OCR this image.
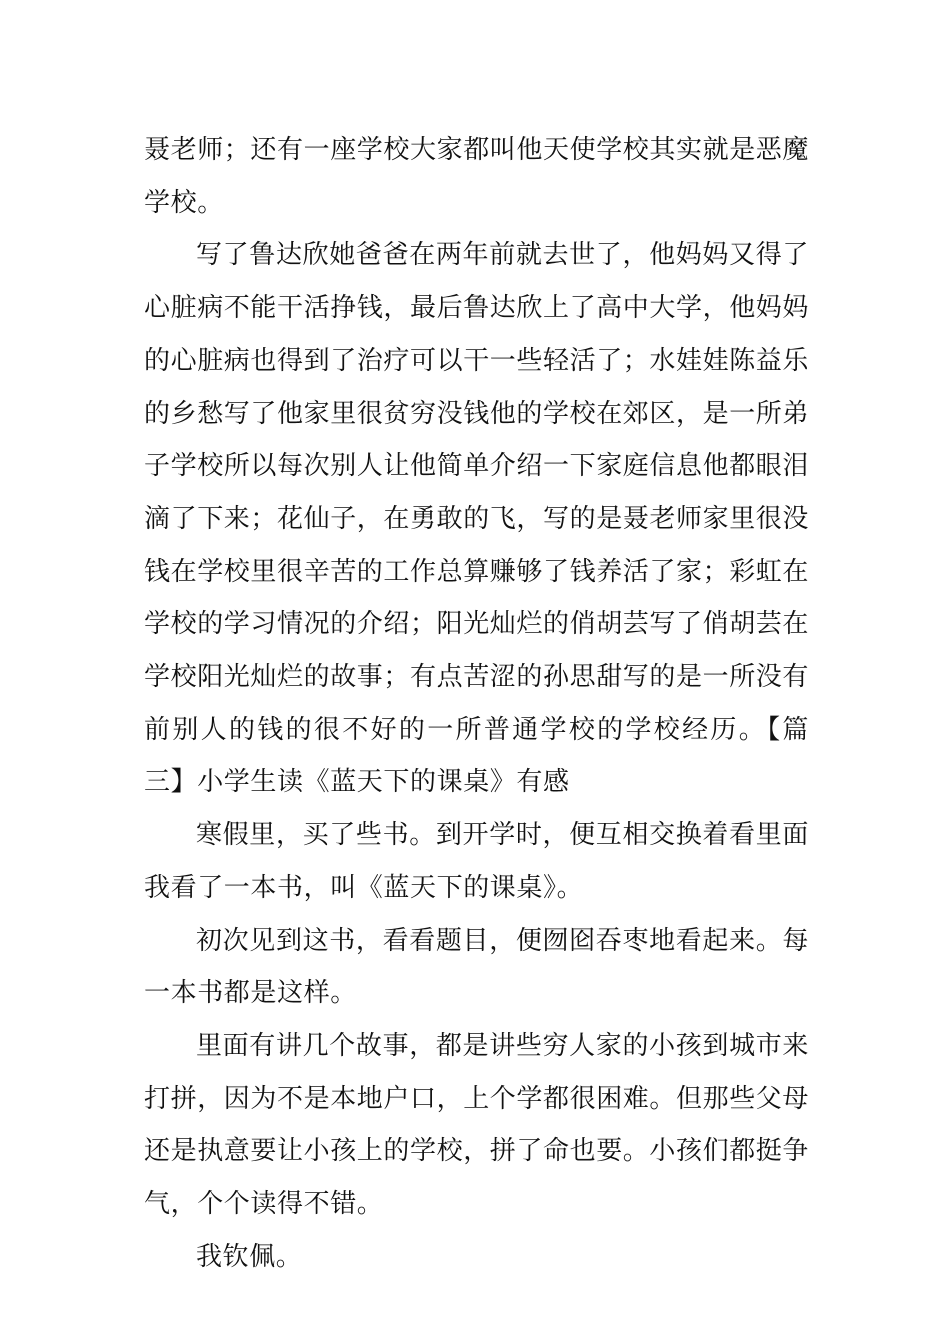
聂老师；还有一座学校大家都叫他天使学校其实就是恶魔学校。

写了鲁达欣她爸爸在两年前就去世了，他妈妈又得了心脏病不能干活挣钱，最后鲁达欣上了高中大学，他妈妈的心脏病也得到了治疗可以干一些轻活了；水娃娃陈益乐的乡愁写了他家里很贫穷没钱他的学校在郊区，是一所弟子学校所以每次别人让他简单介绍一下家庭信息他都眼泪滴了下来；花仙子，在勇敢的飞，写的是聂老师家里很没钱在学校里很辛苦的工作总算赚够了钱养活了家；彩虹在学校的学习情况的介绍；阳光灿烂的俏胡芸写了俏胡芸在学校阳光灿烂的故事；有点苦涩的孙思甜写的是一所没有前别人的钱的很不好的一所普通学校的学校经历。【篇三】小学生读《蓝天下的课桌》有感

寒假里，买了些书。到开学时，便互相交换着看里面我看了一本书，叫《蓝天下的课桌》。

初次见到这书，看看题目，便囫囵吞枣地看起来。每一本书都是这样。

里面有讲几个故事，都是讲些穷人家的小孩到城市来打拼，因为不是本地户口，上个学都很困难。但那些父母还是执意要让小孩上的学校，拼了命也要。小孩们都挺争气，个个读得不错。

我钦佩。
